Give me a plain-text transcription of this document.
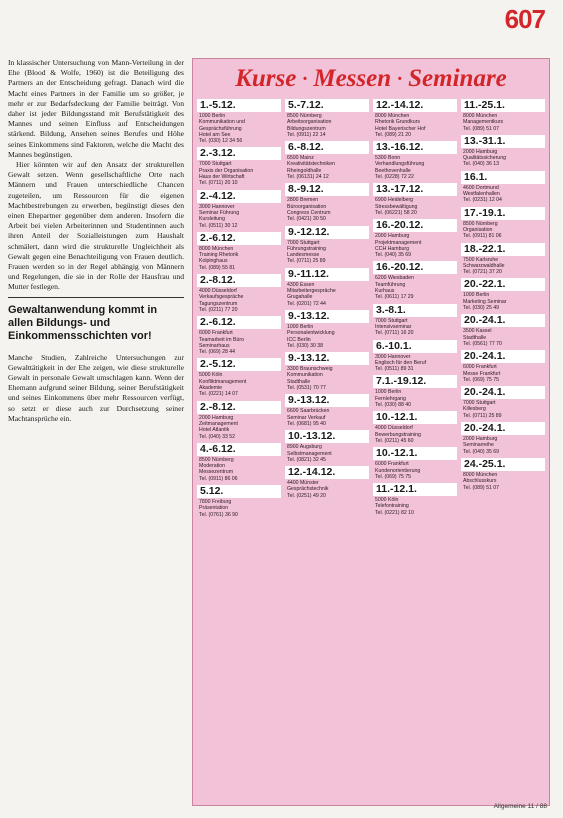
607

In klassischer Untersuchung von Mann-Verteilung in der Ehe (Blood & Wolfe, 1960) ist die Beteiligung des Partners an der Entscheidung gefragt. Danach wird die Macht eines Partners in der Familie um so größer, je mehr er zur Bedarfsdeckung der Familie beiträgt. Von daher ist jeder Bildungsstand mit Berufstätigkeit des Mannes und seinen Einfluss auf Entscheidungen stärkend. Bildung, Ansehen seines Berufes und Höhe seines Einkommens sind Faktoren, welche die Macht des Mannes begünstigen.

Hier könnten wir auf den Ansatz der strukturellen Gewalt setzen. Wenn gesellschaftliche Orte nach Männern und Frauen unterschiedliche Chancen zugeteilen, um Ressourcen für die eigenen Machtbestrebungen zu erwerben, begünstigt dieses den einen Ehepartner gegenüber dem anderen. Insofern die Arbeit bei vielen Arbeiterinnen und Studentinnen auch ihren Anteil der Sozialleistungen zum Haushalt schmälert, dann wird die strukturelle Ungleichheit als Gewalt gegen eine Benachteiligung von Frauen deutlich. Frauen werden so in der Regel abhängig von Männern und Regelungen, die sie in der Rolle der Hausfrau und Mutter festlegen.

Gewaltanwendung kommt in allen Bildungs- und Einkommensschichten vor!

Manche Studien, Zahlreiche Untersuchungen zur Gewalttätigkeit in der Ehe zeigen, wie diese strukturelle Gewalt in personale Gewalt umschlagen kann. Wenn der Ehemann aufgrund seiner Bildung, seiner Berufstätigkeit und seines Einkommens über mehr Ressourcen verfügt, so setzt er diese auch zur Durchsetzung seiner Machtansprüche ein.

Kurse · Messen · Seminare
1.-5.12.
1000 Berlin
Kommunikation und
Gesprächsführung
Hotel am See
Tel. (030) 12 34 56
2.-3.12.
7000 Stuttgart
Praxis der Organisation
Haus der Wirtschaft
Tel. (0711) 20 10
2.-4.12.
3000 Hannover
Seminar Führung
Kursleitung
Tel. (0511) 30 12
2.-6.12.
8000 München
Training Rhetorik
Kolpinghaus
Tel. (089) 55 81
2.-8.12.
4000 Düsseldorf
Verkaufsgespräche
Tagungszentrum
Tel. (0211) 77 20
2.-6.12.
6000 Frankfurt
Teamarbeit im Büro
Seminarhaus
Tel. (069) 28 44
2.-5.12.
5000 Köln
Konfliktmanagement
Akademie
Tel. (0221) 14 07
2.-8.12.
2000 Hamburg
Zeitmanagement
Hotel Atlantik
Tel. (040) 33 52
4.-6.12.
8500 Nürnberg
Moderation
Messezentrum
Tel. (0911) 86 06
5.12.
7800 Freiburg
Präsentation
Tel. (0761) 36 90
5.-7.12.
8500 Nürnberg
Arbeitsorganisation
Bildungszentrum
Tel. (0911) 22 14
6.-8.12.
6500 Mainz
Kreativitätstechniken
Rheingoldhalle
Tel. (06131) 24 12
8.-9.12.
2800 Bremen
Büroorganisation
Congress Centrum
Tel. (0421) 30 50
9.-12.12.
7000 Stuttgart
Führungstraining
Landesmesse
Tel. (0711) 25 89
9.-11.12.
4300 Essen
Mitarbeitergespräche
Grugahalle
Tel. (0201) 72 44
9.-13.12.
1000 Berlin
Personalentwicklung
ICC Berlin
Tel. (030) 30 38
9.-13.12.
3300 Braunschweig
Kommunikation
Stadthalle
Tel. (0531) 70 77
9.-13.12.
6600 Saarbrücken
Seminar Verkauf
Tel. (0681) 95 40
10.-13.12.
8900 Augsburg
Selbstmanagement
Tel. (0821) 32 45
12.-14.12.
4400 Münster
Gesprächstechnik
Tel. (0251) 49 20
12.-14.12.
8000 München
Rhetorik Grundkurs
Hotel Bayerischer Hof
Tel. (089) 21 20
13.-16.12.
5300 Bonn
Verhandlungsführung
Beethovenhalle
Tel. (0228) 72 22
13.-17.12.
6900 Heidelberg
Stressbewältigung
Tel. (06221) 58 20
16.-20.12.
2000 Hamburg
Projektmanagement
CCH Hamburg
Tel. (040) 35 69
16.-20.12.
6200 Wiesbaden
Teamführung
Kurhaus
Tel. (0611) 17 29
3.-8.1.
7000 Stuttgart
Intensivseminar
Tel. (0711) 16 20
6.-10.1.
3000 Hannover
Englisch für den Beruf
Tel. (0511) 89 31
7.1.-19.12.
1000 Berlin
Fernlehrgang
Tel. (030) 88 40
10.-12.1.
4000 Düsseldorf
Bewerbungstraining
Tel. (0211) 45 60
10.-12.1.
6000 Frankfurt
Kundenorientierung
Tel. (069) 75 75
11.-12.1.
5000 Köln
Telefontraining
Tel. (0221) 82 10
11.-25.1.
8000 München
Managementkurs
Tel. (089) 51 07
13.-31.1.
2000 Hamburg
Qualitätssicherung
Tel. (040) 36 13
16.1.
4600 Dortmund
Westfalenhallen
Tel. (0231) 12 04
17.-19.1.
8500 Nürnberg
Organisation
Tel. (0911) 81 06
18.-22.1.
7500 Karlsruhe
Schwarzwaldhalle
Tel. (0721) 37 20
20.-22.1.
1000 Berlin
Marketing Seminar
Tel. (030) 25 49
20.-24.1.
3500 Kassel
Stadthalle
Tel. (0561) 77 70
20.-24.1.
6000 Frankfurt
Messe Frankfurt
Tel. (069) 75 75
20.-24.1.
7000 Stuttgart
Killesberg
Tel. (0711) 25 89
20.-24.1.
2000 Hamburg
Seminarreihe
Tel. (040) 35 69
24.-25.1.
8000 München
Abschlusskurs
Tel. (089) 51 07
Allgemeine 11 / 88
